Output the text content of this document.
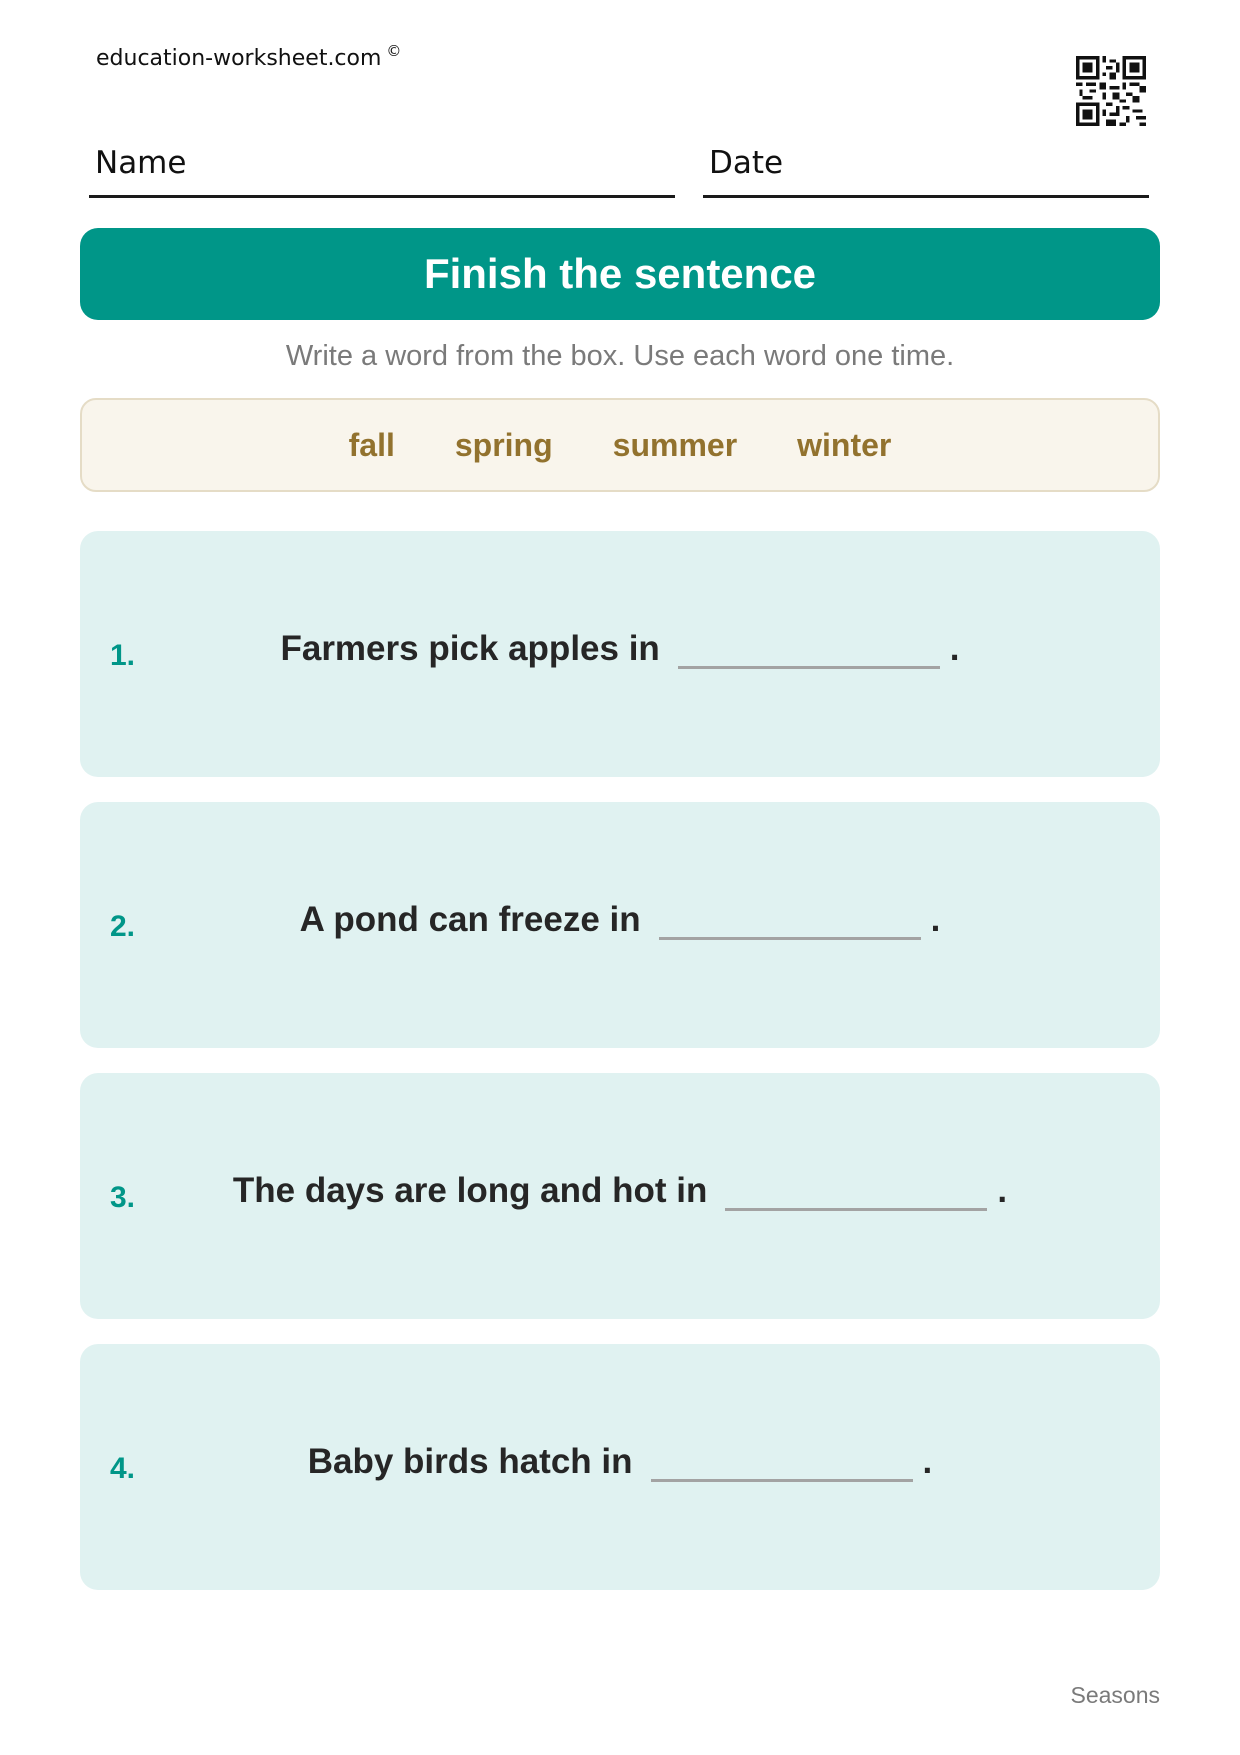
education-worksheet.com ©
Name	Date
Finish the sentence
Write a word from the box. Use each word one time.
fall spring summer winter
1.	Farmers pick apples in	.
2.	A pond can freeze in	.
3.	The days are long and hot in	.
4.	Baby birds hatch in	.
Seasons
